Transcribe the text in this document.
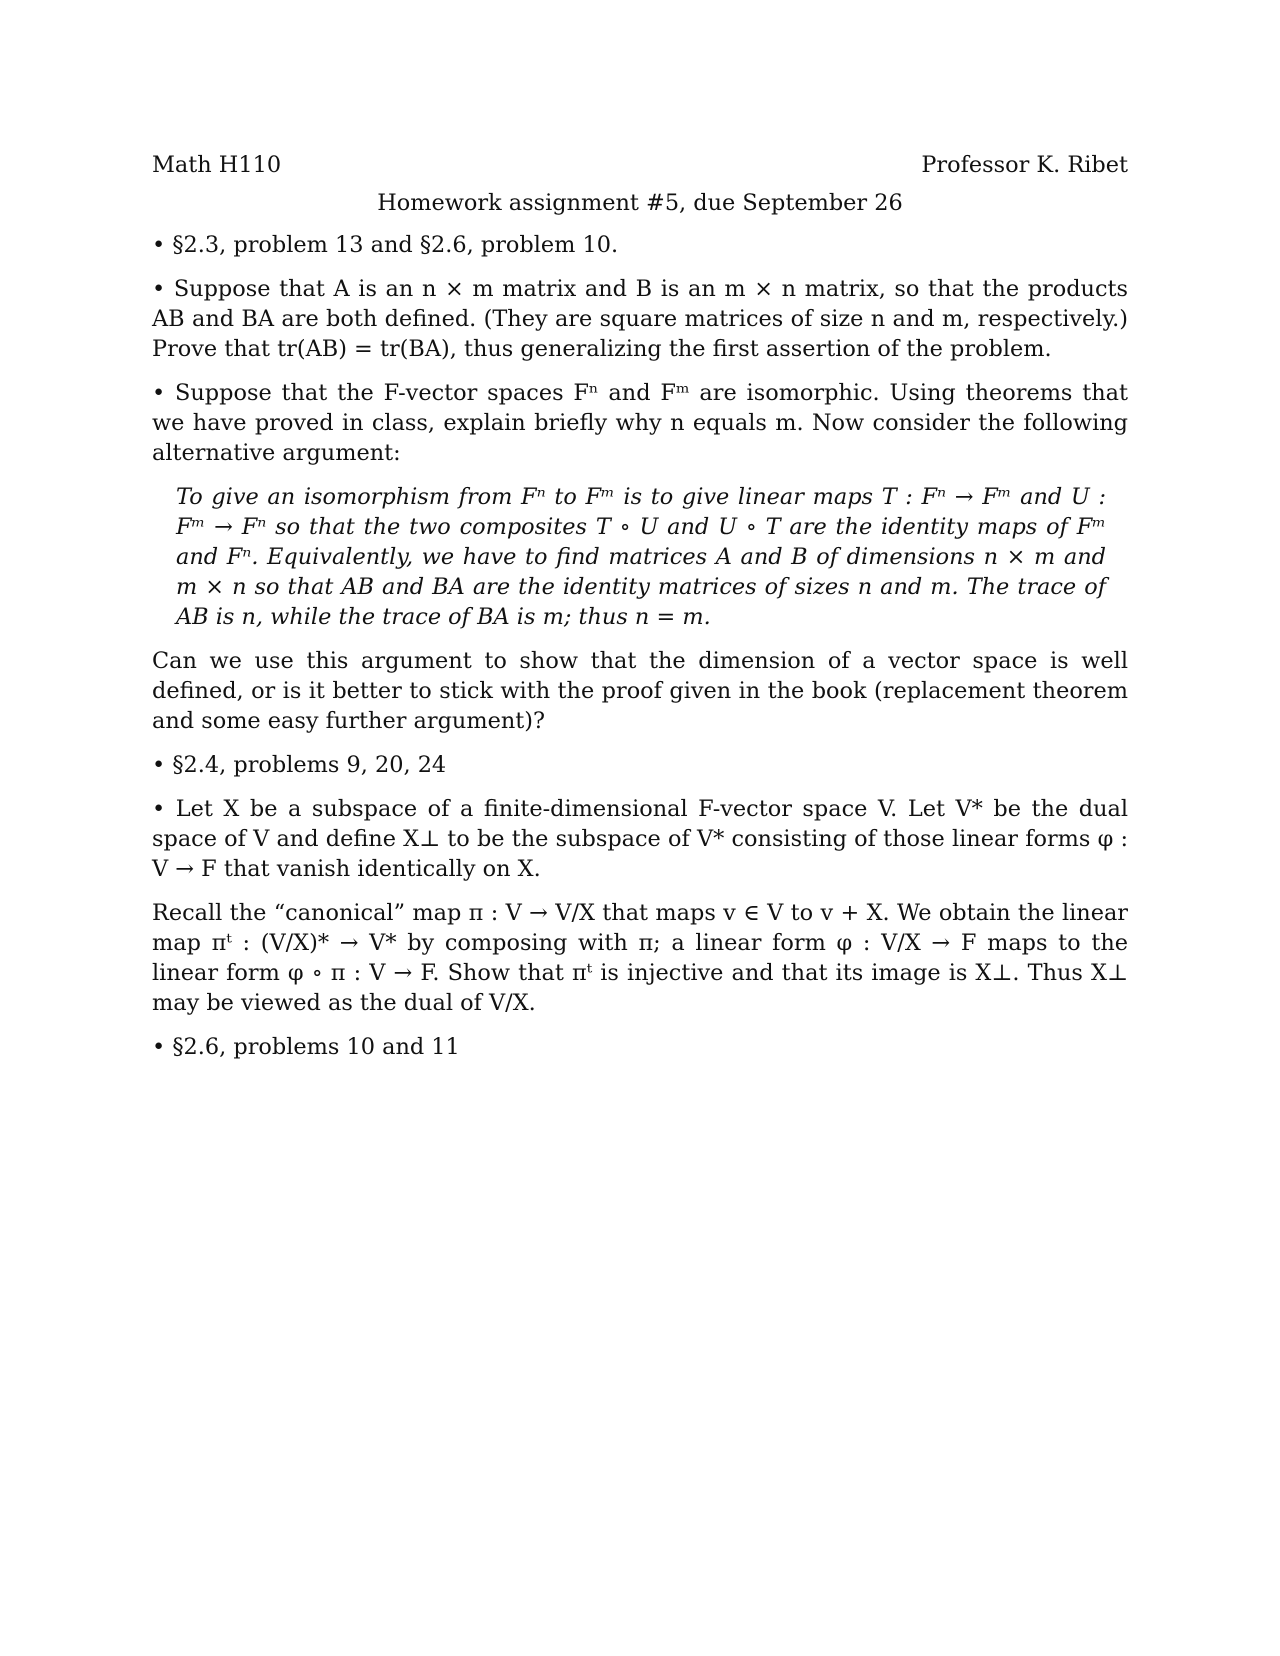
Math H110	Professor K. Ribet
Homework assignment #5, due September 26
• §2.3, problem 13 and §2.6, problem 10.
• Suppose that A is an n × m matrix and B is an m × n matrix, so that the products AB and BA are both defined. (They are square matrices of size n and m, respectively.) Prove that tr(AB) = tr(BA), thus generalizing the first assertion of the problem.
• Suppose that the F-vector spaces Fⁿ and Fᵐ are isomorphic. Using theorems that we have proved in class, explain briefly why n equals m. Now consider the following alternative argument:
To give an isomorphism from Fⁿ to Fᵐ is to give linear maps T : Fⁿ → Fᵐ and U : Fᵐ → Fⁿ so that the two composites T ∘ U and U ∘ T are the identity maps of Fᵐ and Fⁿ. Equivalently, we have to find matrices A and B of dimensions n × m and m × n so that AB and BA are the identity matrices of sizes n and m. The trace of AB is n, while the trace of BA is m; thus n = m.
Can we use this argument to show that the dimension of a vector space is well defined, or is it better to stick with the proof given in the book (replacement theorem and some easy further argument)?
• §2.4, problems 9, 20, 24
• Let X be a subspace of a finite-dimensional F-vector space V. Let V* be the dual space of V and define X⊥ to be the subspace of V* consisting of those linear forms φ : V → F that vanish identically on X.
Recall the “canonical” map π : V → V/X that maps v ∈ V to v + X. We obtain the linear map πᵗ : (V/X)* → V* by composing with π; a linear form φ : V/X → F maps to the linear form φ ∘ π : V → F. Show that πᵗ is injective and that its image is X⊥. Thus X⊥ may be viewed as the dual of V/X.
• §2.6, problems 10 and 11
